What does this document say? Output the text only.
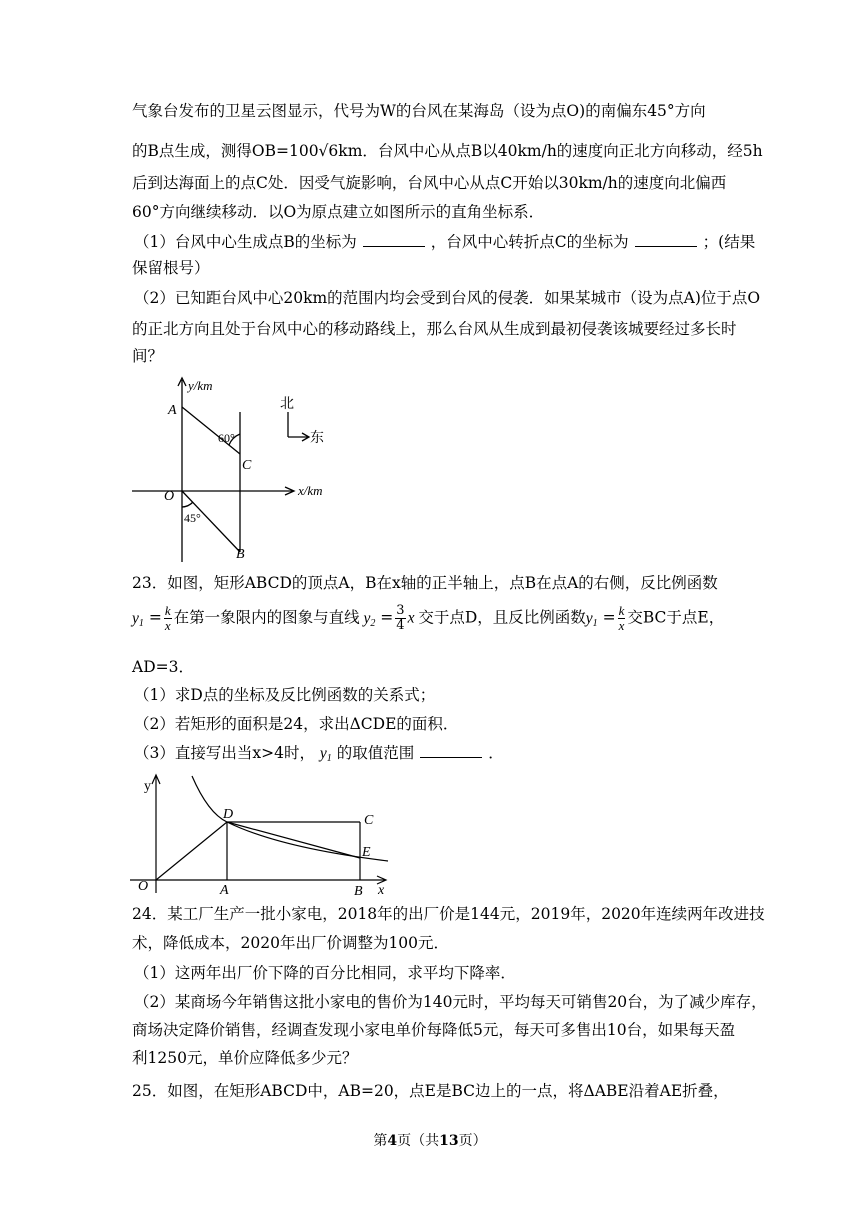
气象台发布的卫星云图显示，代号为W的台风在某海岛（设为点O)的南偏东45°方向
的B点生成，测得OB=100√6km．台风中心从点B以40km/h的速度向正北方向移动，经5h
后到达海面上的点C处．因受气旋影响，台风中心从点C开始以30km/h的速度向北偏西
60°方向继续移动．以O为原点建立如图所示的直角坐标系．
（1）台风中心生成点B的坐标为	，台风中心转折点C的坐标为	；(结果
保留根号）
（2）已知距台风中心20km的范围内均会受到台风的侵袭．如果某城市（设为点A)位于点O
的正北方向且处于台风中心的移动路线上，那么台风从生成到最初侵袭该城要经过多长时
间？
y/km
x/km
A
C
O
B
60°
45°
北
东
23．如图，矩形ABCD的顶点A，B在x轴的正半轴上，点B在点A的右侧，反比例函数
$y_1 = \frac{k}{x}$ 在第一象限内的图象与直线 $y_2 = \frac{3}{4}$ x 交于点D，且反比例函数$y_1 = \frac{k}{x}$ 交BC于点E，
AD=3．
（1）求D点的坐标及反比例函数的关系式；
（2）若矩形的面积是24，求出ΔCDE的面积．
（3）直接写出当x>4时， $y_1$ 的取值范围	．
y
x
O	A	B
C
D
E
24．某工厂生产一批小家电，2018年的出厂价是144元，2019年，2020年连续两年改进技
术，降低成本，2020年出厂价调整为100元．
（1）这两年出厂价下降的百分比相同，求平均下降率．
（2）某商场今年销售这批小家电的售价为140元时，平均每天可销售20台，为了减少库存，
商场决定降价销售，经调查发现小家电单价每降低5元，每天可多售出10台，如果每天盈
利1250元，单价应降低多少元？
25．如图，在矩形ABCD中，AB=20，点E是BC边上的一点，将ΔABE沿着AE折叠，
第4页（共13页）
